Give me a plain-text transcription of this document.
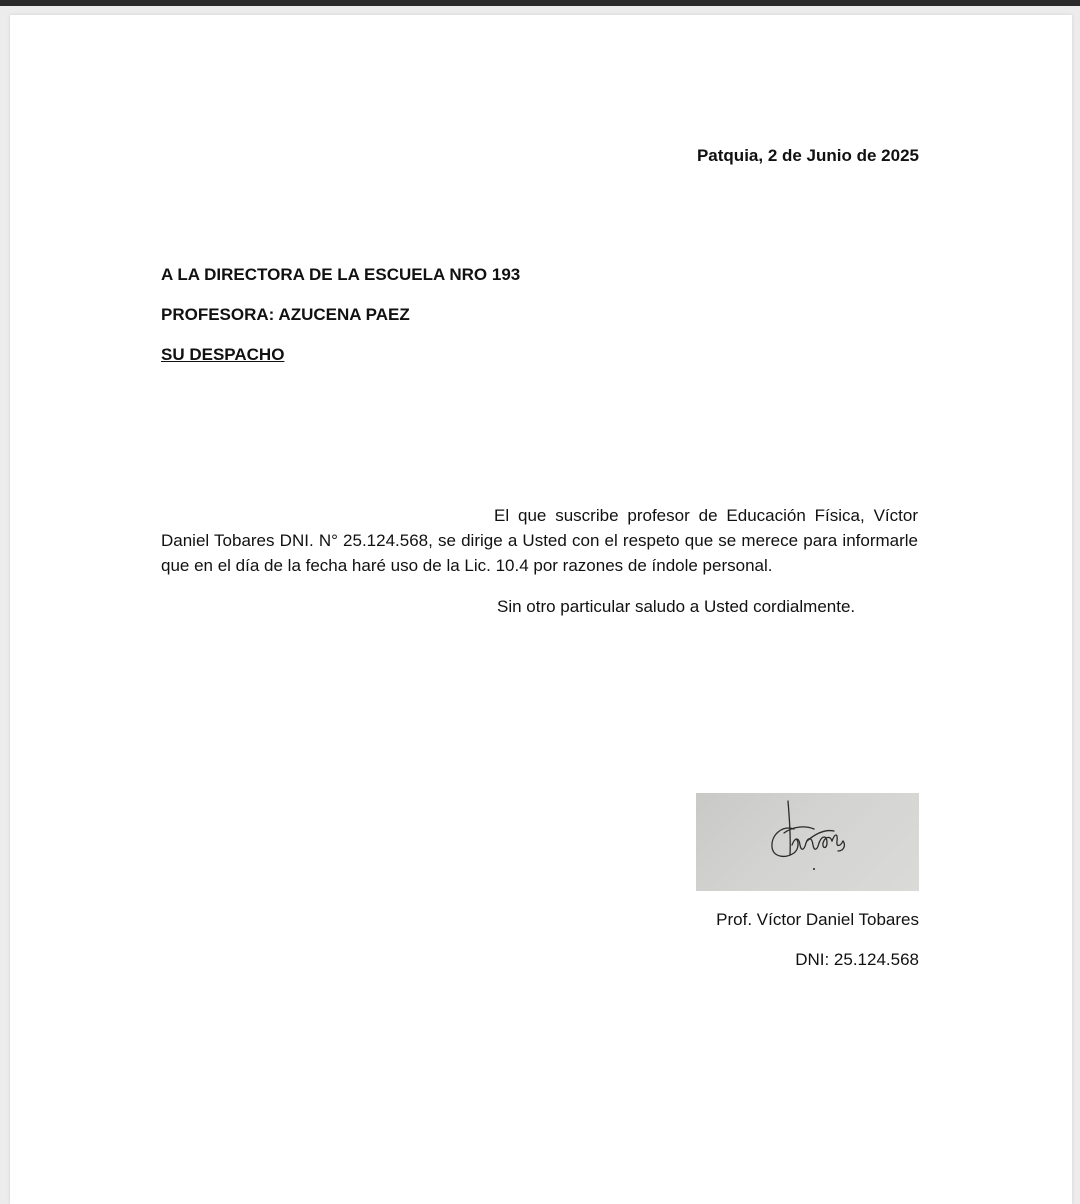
Patquia, 2 de Junio de 2025
A LA DIRECTORA DE LA ESCUELA NRO 193
PROFESORA: AZUCENA PAEZ
SU DESPACHO
El que suscribe profesor de Educación Física, Víctor Daniel Tobares DNI. N° 25.124.568, se dirige a Usted con el respeto que se merece para informarle que en el día de la fecha haré uso de la Lic. 10.4 por razones de índole personal.
Sin otro particular saludo a Usted cordialmente.
Prof. Víctor Daniel Tobares
DNI: 25.124.568
